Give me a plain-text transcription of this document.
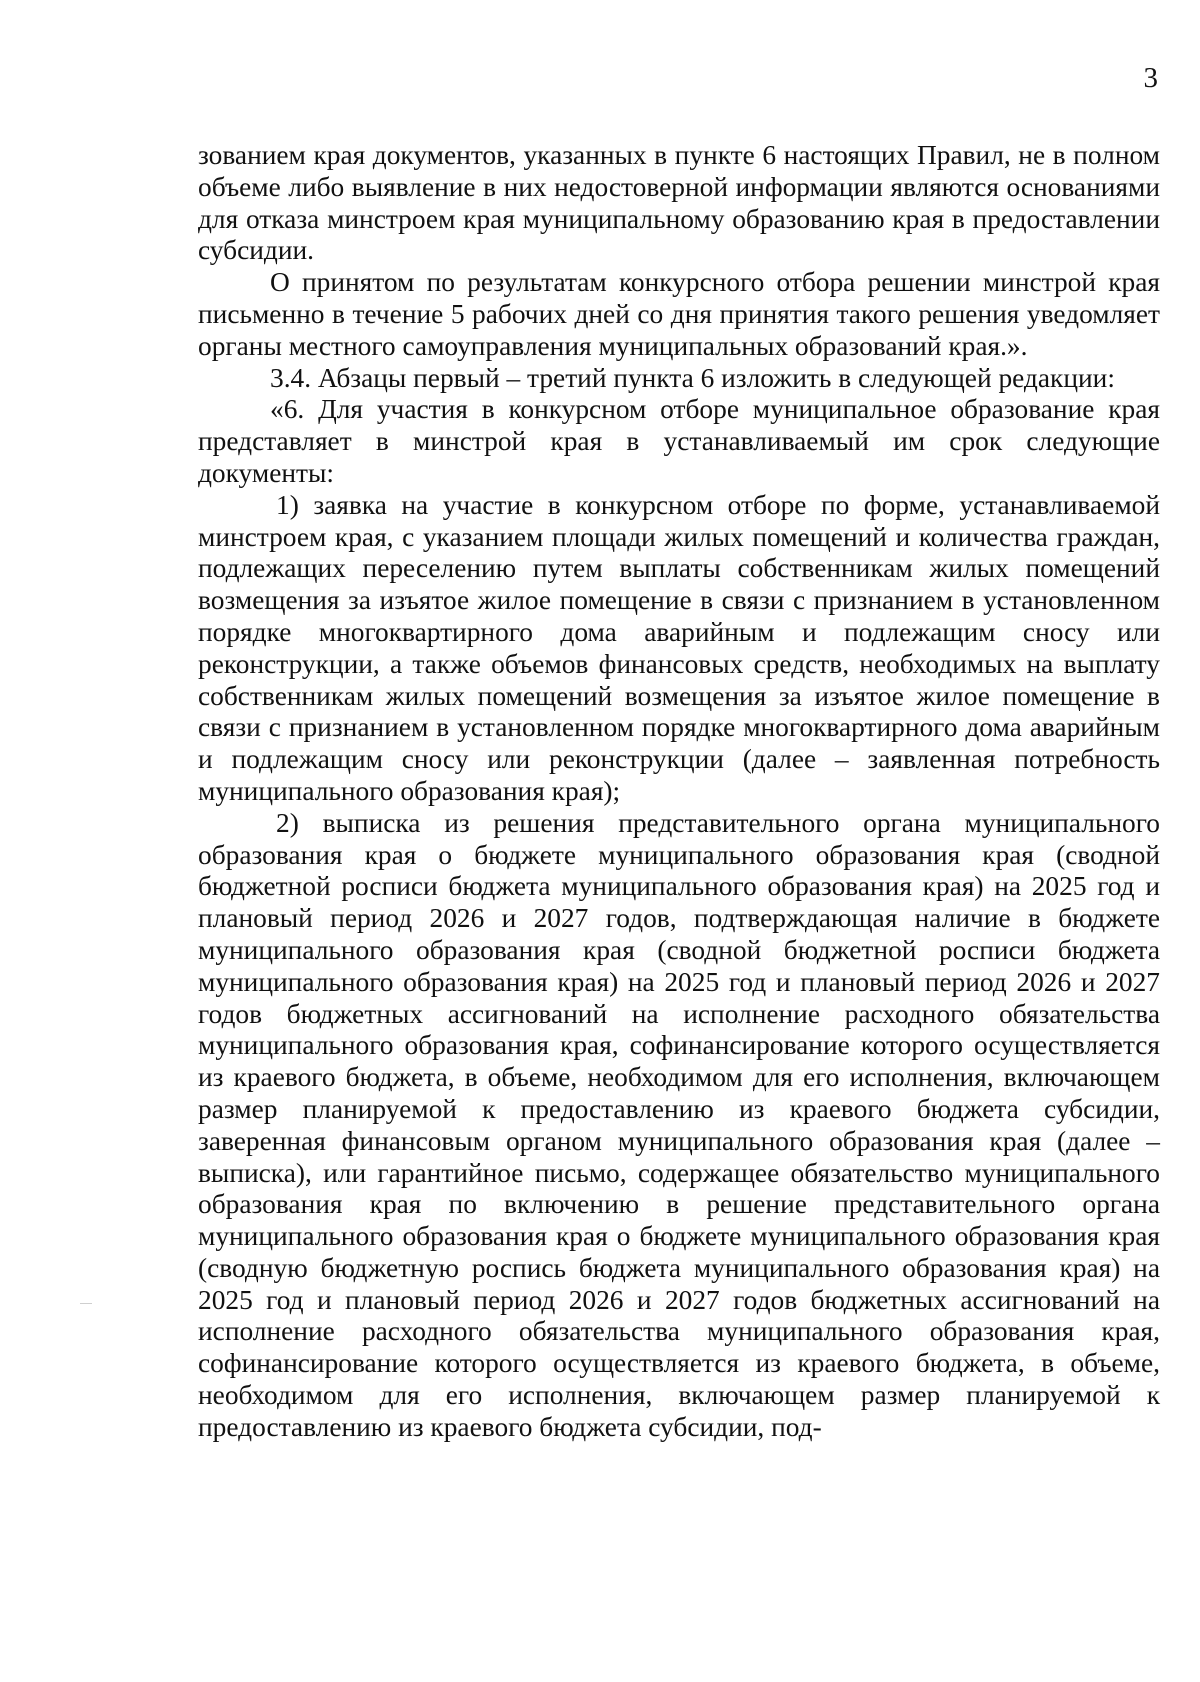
3

зованием края документов, указанных в пункте 6 настоящих Правил, не в полном объеме либо выявление в них недостоверной информации являются основаниями для отказа минстроем края муниципальному образованию края в предоставлении субсидии.

О принятом по результатам конкурсного отбора решении минстрой края письменно в течение 5 рабочих дней со дня принятия такого решения уведомляет органы местного самоуправления муниципальных образований края.».

3.4. Абзацы первый – третий пункта 6 изложить в следующей редакции:

«6. Для участия в конкурсном отборе муниципальное образование края представляет в минстрой края в устанавливаемый им срок следующие документы:

1) заявка на участие в конкурсном отборе по форме, устанавливаемой минстроем края, с указанием площади жилых помещений и количества граждан, подлежащих переселению путем выплаты собственникам жилых помещений возмещения за изъятое жилое помещение в связи с признанием в установленном порядке многоквартирного дома аварийным и подлежащим сносу или реконструкции, а также объемов финансовых средств, необходимых на выплату собственникам жилых помещений возмещения за изъятое жилое помещение в связи с признанием в установленном порядке многоквартирного дома аварийным и подлежащим сносу или реконструкции (далее – заявленная потребность муниципального образования края);

2) выписка из решения представительного органа муниципального образования края о бюджете муниципального образования края (сводной бюджетной росписи бюджета муниципального образования края) на 2025 год и плановый период 2026 и 2027 годов, подтверждающая наличие в бюджете муниципального образования края (сводной бюджетной росписи бюджета муниципального образования края) на 2025 год и плановый период 2026 и 2027 годов бюджетных ассигнований на исполнение расходного обязательства муниципального образования края, софинансирование которого осуществляется из краевого бюджета, в объеме, необходимом для его исполнения, включающем размер планируемой к предоставлению из краевого бюджета субсидии, заверенная финансовым органом муниципального образования края (далее – выписка), или гарантийное письмо, содержащее обязательство муниципального образования края по включению в решение представительного органа муниципального образования края о бюджете муниципального образования края (сводную бюджетную роспись бюджета муниципального образования края) на 2025 год и плановый период 2026 и 2027 годов бюджетных ассигнований на исполнение расходного обязательства муниципального образования края, софинансирование которого осуществляется из краевого бюджета, в объеме, необходимом для его исполнения, включающем размер планируемой к предоставлению из краевого бюджета субсидии, под-
